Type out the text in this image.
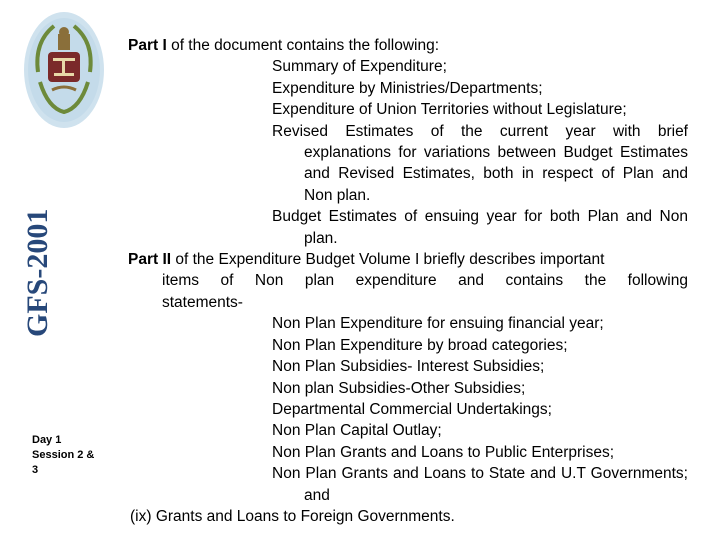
GFS-2001
Day 1
Session 2 &
3

Part I of the document contains the following:

Summary of Expenditure;

Expenditure by Ministries/Departments;

Expenditure of Union Territories without Legislature;

Revised Estimates of the current year with brief explanations for variations between Budget Estimates and Revised Estimates, both in respect of Plan and Non plan.

Budget Estimates of ensuing year for both Plan and Non plan.

Part II of the Expenditure Budget Volume I briefly describes important
items of Non plan expenditure and contains the following
statements-

Non Plan Expenditure for ensuing financial year;

Non Plan Expenditure by broad categories;

Non Plan Subsidies- Interest Subsidies;

Non plan Subsidies-Other Subsidies;

Departmental Commercial Undertakings;

Non Plan Capital Outlay;

Non Plan Grants and Loans to Public Enterprises;

Non Plan Grants and Loans to State and U.T Governments; and

(ix) Grants and Loans to Foreign Governments.
